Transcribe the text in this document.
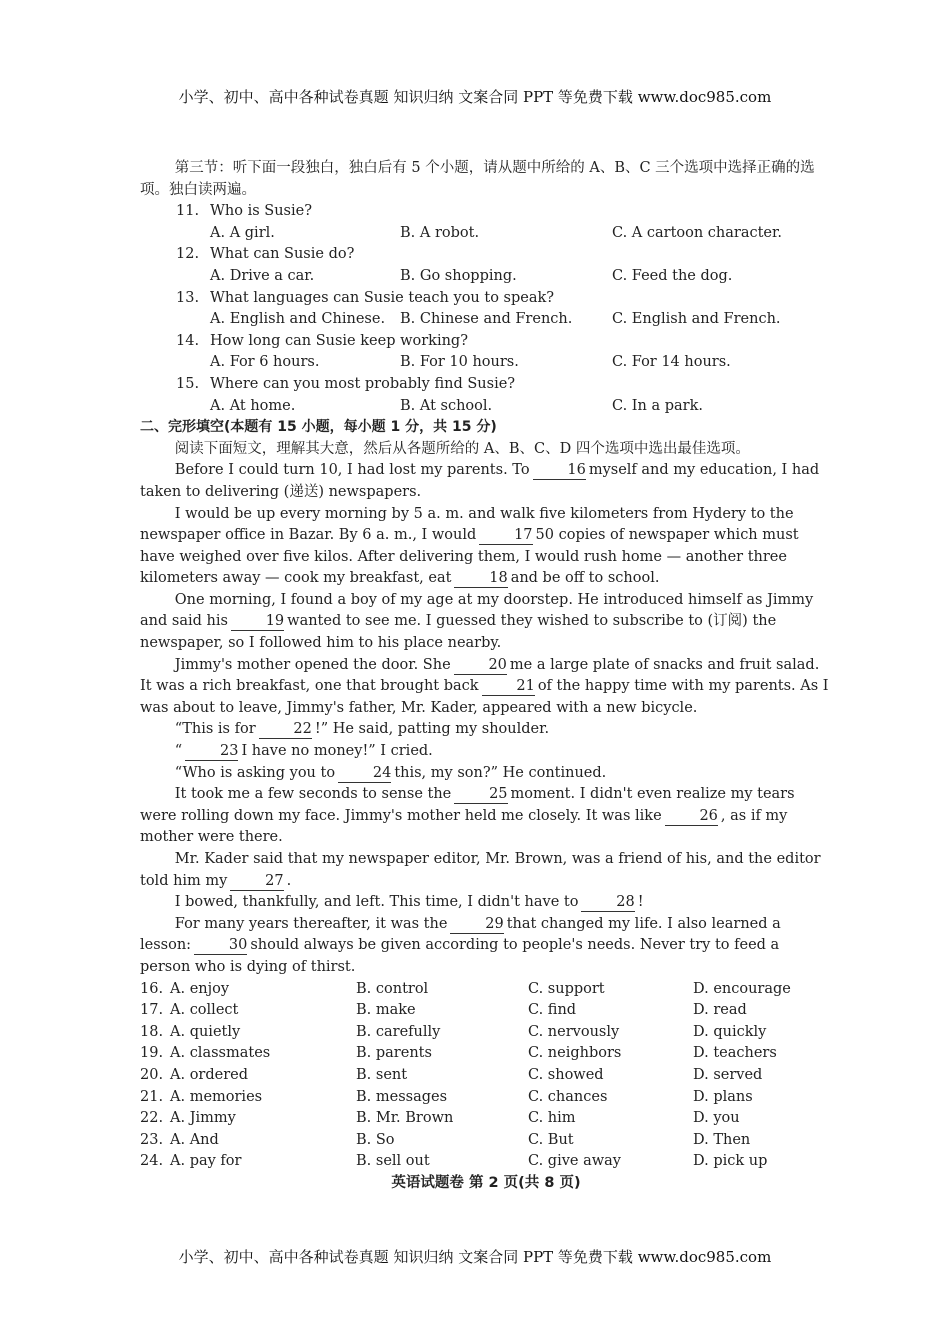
小学、初中、高中各种试卷真题 知识归纳 文案合同 PPT 等免费下载 www.doc985.com

第三节：听下面一段独白，独白后有 5 个小题，请从题中所给的 A、B、C 三个选项中选择正确的选项。独白读两遍。

11. Who is Susie?
A. A girl.	B. A robot.	C. A cartoon character.
12. What can Susie do?
A. Drive a car.	B. Go shopping.	C. Feed the dog.
13. What languages can Susie teach you to speak?
A. English and Chinese. B. Chinese and French.	C. English and French.
14. How long can Susie keep working?
A. For 6 hours.	B. For 10 hours.	C. For 14 hours.
15. Where can you most probably find Susie?
A. At home.	B. At school.	C. In a park.

二、完形填空(本题有 15 小题，每小题 1 分，共 15 分)

阅读下面短文，理解其大意，然后从各题所给的 A、B、C、D 四个选项中选出最佳选项。

Before I could turn 10, I had lost my parents. To	16 myself and my education, I had taken to delivering (递送) newspapers.

I would be up every morning by 5 a. m. and walk five kilometers from Hydery to the newspaper office in Bazar. By 6 a. m., I would	17 50 copies of newspaper which must have weighed over five kilos. After delivering them, I would rush home — another three kilometers away — cook my breakfast, eat	18 and be off to school.

One morning, I found a boy of my age at my doorstep. He introduced himself as Jimmy and said his	19 wanted to see me. I guessed they wished to subscribe to (订阅) the newspaper, so I followed him to his place nearby.

Jimmy's mother opened the door. She	20 me a large plate of snacks and fruit salad. It was a rich breakfast, one that brought back	21 of the happy time with my parents. As I was about to leave, Jimmy's father, Mr. Kader, appeared with a new bicycle.

“This is for	22 !” He said, patting my shoulder.

“	23 I have no money!” I cried.

“Who is asking you to	24 this, my son?” He continued.

It took me a few seconds to sense the	25 moment. I didn't even realize my tears were rolling down my face. Jimmy's mother held me closely. It was like	26 , as if my mother were there.

Mr. Kader said that my newspaper editor, Mr. Brown, was a friend of his, and the editor told him my	27 .

I bowed, thankfully, and left. This time, I didn't have to	28 !

For many years thereafter, it was the	29 that changed my life. I also learned a lesson:	30 should always be given according to people's needs. Never try to feed a person who is dying of thirst.

16. A. enjoy	B. control	C. support	D. encourage
17. A. collect	B. make	C. find	D. read
18. A. quietly	B. carefully	C. nervously	D. quickly
19. A. classmates	B. parents	C. neighbors	D. teachers
20. A. ordered	B. sent	C. showed	D. served
21. A. memories	B. messages	C. chances	D. plans
22. A. Jimmy	B. Mr. Brown	C. him	D. you
23. A. And	B. So	C. But	D. Then
24. A. pay for	B. sell out	C. give away	D. pick up

英语试题卷 第 2 页(共 8 页)

小学、初中、高中各种试卷真题 知识归纳 文案合同 PPT 等免费下载 www.doc985.com
